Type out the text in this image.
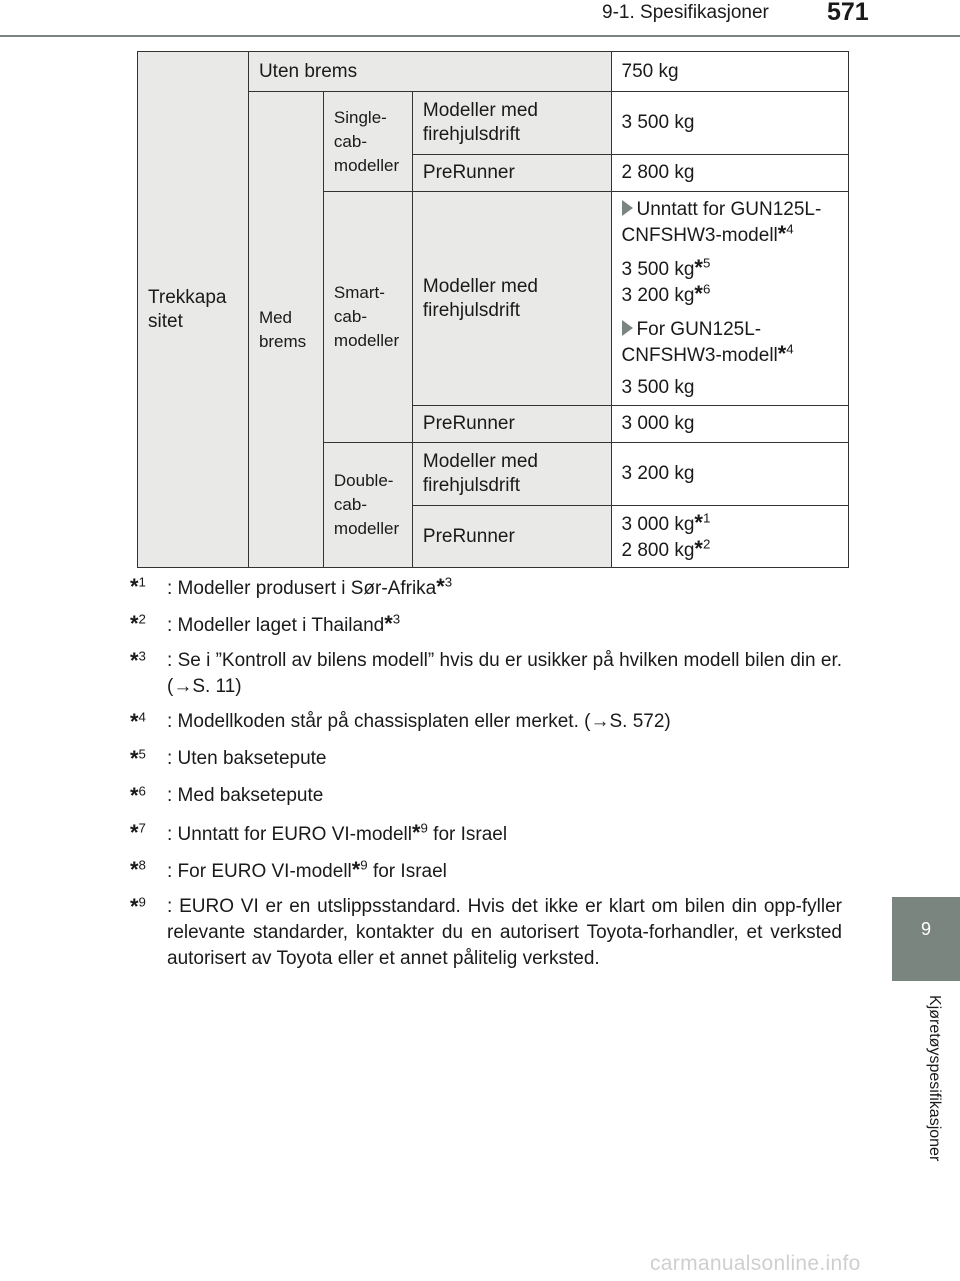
9-1. Spesifikasjoner 571
9
Kjøretøyspesifikasjoner
Trekkapa sitet	Uten brems			750 kg
	Med brems	Single- cab- modeller	Modeller med firehjulsdrift	3 500 kg
			PreRunner	2 800 kg
		Smart- cab- modeller	Modeller med firehjulsdrift	Unntatt for GUN125L-CNFSHW3-modell*$^4$
3 500 kg*$^5$
3 200 kg*$^6$
For GUN125L-CNFSHW3-modell*$^4$
3 500 kg

			PreRunner	3 000 kg
		Double- cab- modeller	Modeller med firehjulsdrift	3 200 kg
			PreRunner	3 000 kg*$^1$
2 800 kg*$^2$
*$^1$	: Modeller produsert i Sør-Afrika*$^3$
*$^2$	: Modeller laget i Thailand*$^3$
*$^3$	: Se i ”Kontroll av bilens modell” hvis du er usikker på hvilken modell bilen din er. (→S. 11)
*$^4$	: Modellkoden står på chassisplaten eller merket. (→S. 572)
*$^5$	: Uten baksetepute
*$^6$	: Med baksetepute
*$^7$	: Unntatt for EURO VI-modell*$^9$ for Israel
*$^8$	: For EURO VI-modell*$^9$ for Israel
*$^9$	: EURO VI er en utslippsstandard. Hvis det ikke er klart om bilen din opp-fyller relevante standarder, kontakter du en autorisert Toyota-forhandler, et verksted autorisert av Toyota eller et annet pålitelig verksted.
carmanualsonline.info
